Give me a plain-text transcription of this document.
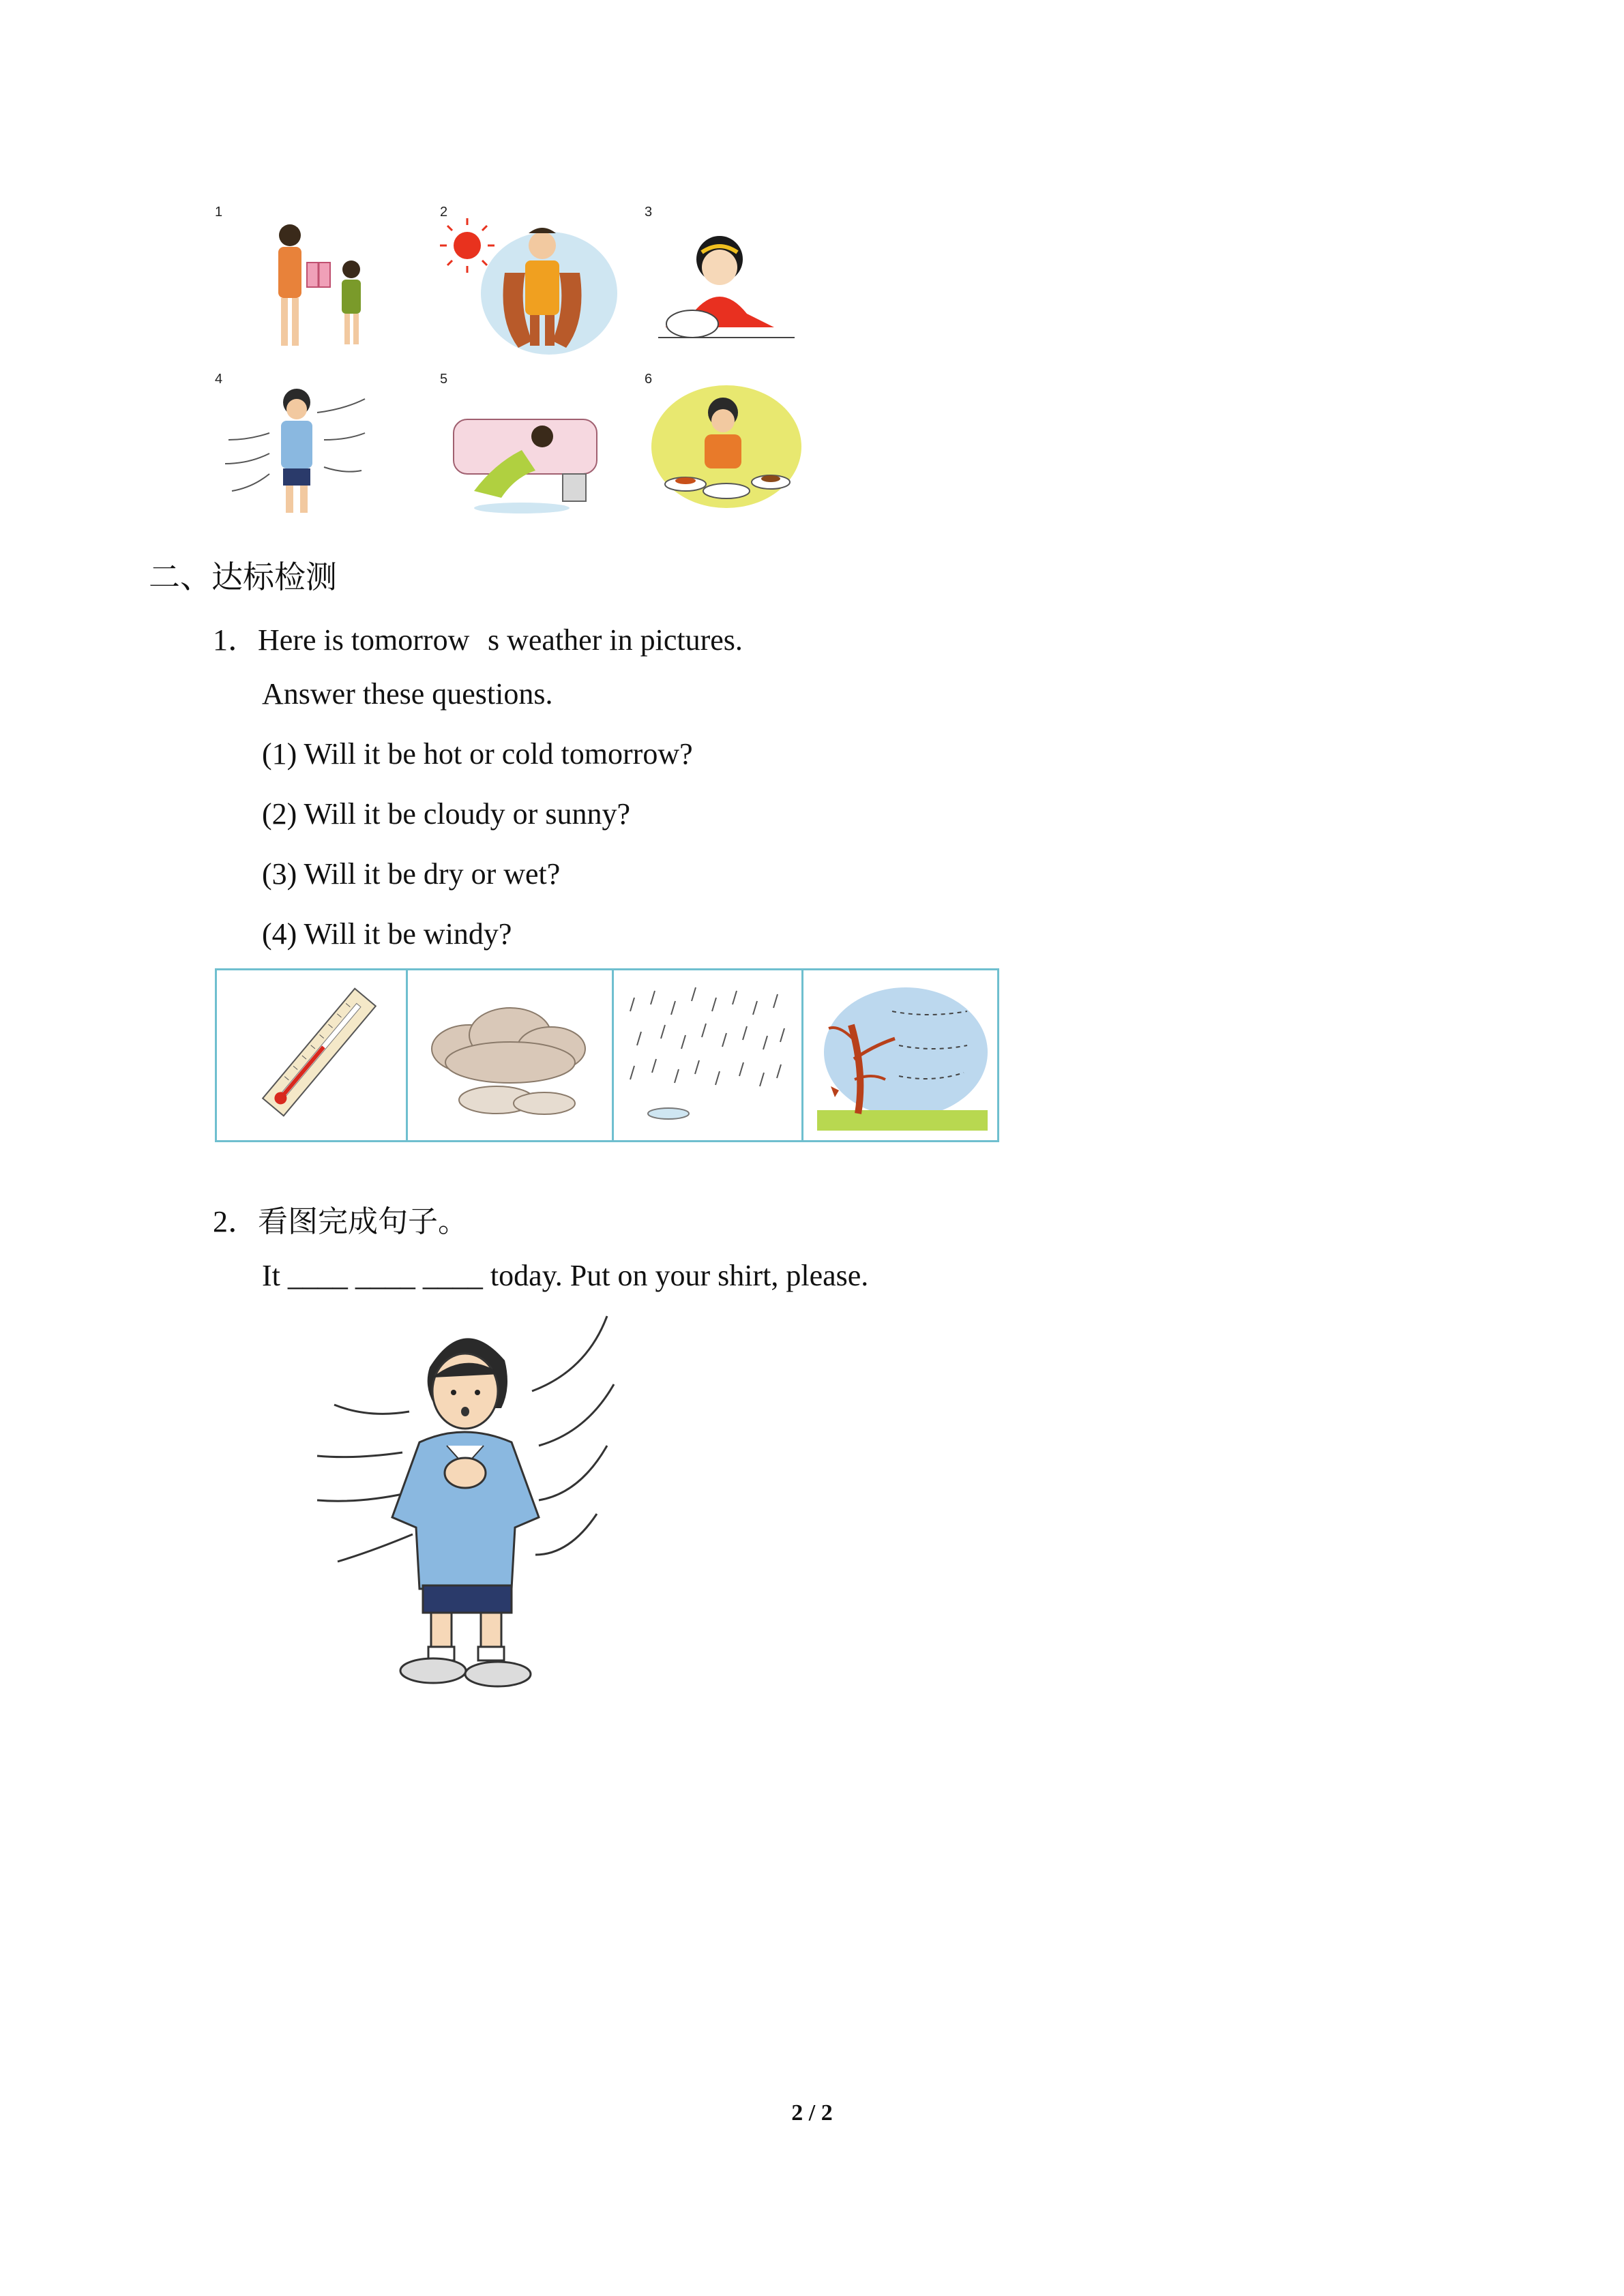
1	2	3
4	5	6
二、达标检测
1．Here is tomorrows weather in pictures.
Answer these questions.
(1) Will it be hot or cold tomorrow?
(2) Will it be cloudy or sunny?
(3) Will it be dry or wet?
(4) Will it be windy?
2．看图完成句子。
It ____ ____ ____ today. Put on your shirt, please.
2 / 2
